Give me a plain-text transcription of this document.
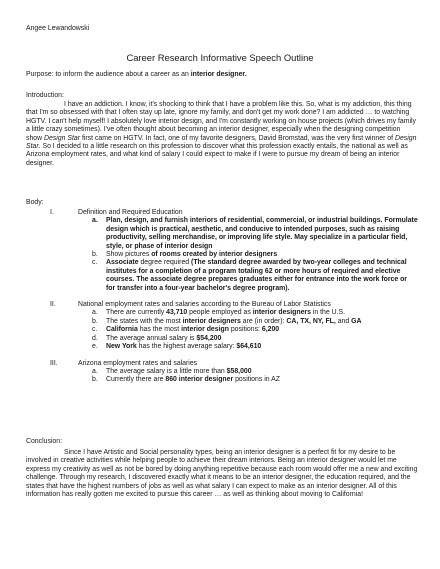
Angee Lewandowski
Career Research Informative Speech Outline
Purpose: to inform the audience about a career as an interior designer.
Introduction:
I have an addiction. I know, it's shocking to think that I have a problem like this. So, what is my addiction, this thing that I'm so obsessed with that I often stay up late, ignore my family, and don't get my work done? I am addicted … to watching HGTV. I can't help myself! I absolutely love interior design, and I'm constantly working on house projects (which drives my family a little crazy sometimes). I've often thought about becoming an interior designer, especially when the designing competition show Design Star first came on HGTV. In fact, one of my favorite designers, David Bromstad, was the very first winner of Design Star. So I decided to a little research on this profession to discover what this profession exactly entails, the national as well as Arizona employment rates, and what kind of salary I could expect to make if I were to pursue my dream of being an interior designer.
Body:
I.	Definition and Required Education
a. Plan, design, and furnish interiors of residential, commercial, or industrial buildings. Formulate design which is practical, aesthetic, and conducive to intended purposes, such as raising productivity, selling merchandise, or improving life style. May specialize in a particular field, style, or phase of interior design
b. Show pictures of rooms created by interior designers
c. Associate degree required (The standard degree awarded by two-year colleges and technical institutes for a completion of a program totaling 62 or more hours of required and elective courses. The associate degree prepares graduates either for entrance into the work force or for transfer into a four-year bachelor's degree program).
II.	National employment rates and salaries according to the Bureau of Labor Statistics
a. There are currently 43,710 people employed as interior designers in the U.S.
b. The states with the most interior designers are (in order): CA, TX, NY, FL, and GA
c. California has the most interior design positions: 6,200
d. The average annual salary is $54,200
e. New York has the highest average salary: $64,610
III.	Arizona employment rates and salaries
a. The average salary is a little more than $58,000
b. Currently there are 860 interior designer positions in AZ
Conclusion:
Since I have Artistic and Social personality types, being an interior designer is a perfect fit for my desire to be involved in creative activities while helping people to achieve their dream interiors. Being an interior designer would let me express my creativity as well as not be bored by doing anything repetitive because each room would offer me a new and exciting challenge. Through my research, I discovered exactly what it means to be an interior designer, the education required, and the states that have the highest numbers of jobs as well as what salary I can expect to make as an interior designer. All of this information has really gotten me excited to pursue this career … as well as thinking about moving to California!
